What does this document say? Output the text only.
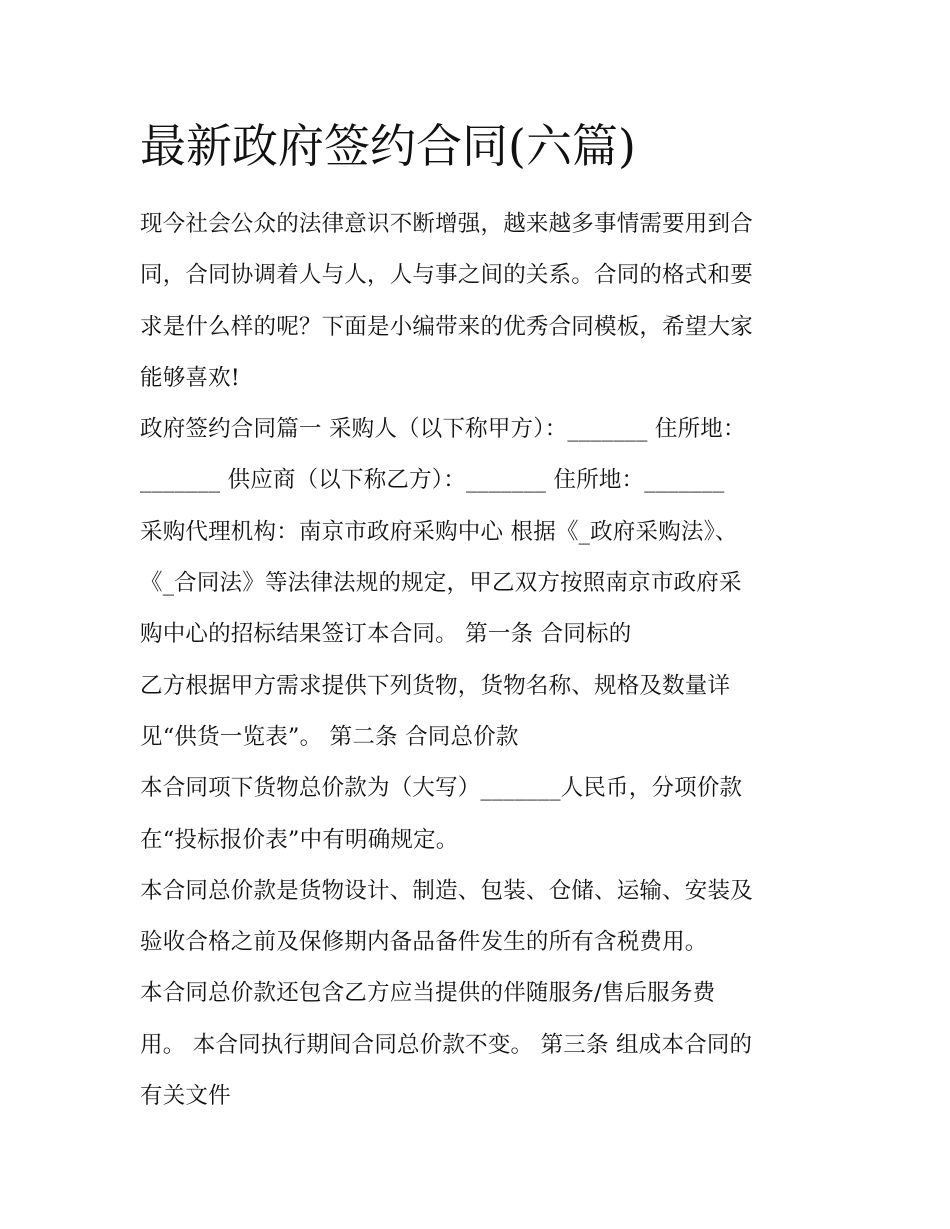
最新政府签约合同(六篇)
现今社会公众的法律意识不断增强，越来越多事情需要用到合
同，合同协调着人与人，人与事之间的关系。合同的格式和要
求是什么样的呢？下面是小编带来的优秀合同模板，希望大家
能够喜欢!
政府签约合同篇一 采购人（以下称甲方）：_______ 住所地：
_______ 供应商（以下称乙方）：_______ 住所地：_______
采购代理机构：南京市政府采购中心 根据《_政府采购法》、
《_合同法》等法律法规的规定，甲乙双方按照南京市政府采
购中心的招标结果签订本合同。 第一条 合同标的
乙方根据甲方需求提供下列货物，货物名称、规格及数量详
见“供货一览表”。 第二条 合同总价款
本合同项下货物总价款为（大写）_______人民币，分项价款
在“投标报价表”中有明确规定。
本合同总价款是货物设计、制造、包装、仓储、运输、安装及
验收合格之前及保修期内备品备件发生的所有含税费用。
本合同总价款还包含乙方应当提供的伴随服务/售后服务费
用。 本合同执行期间合同总价款不变。 第三条 组成本合同的
有关文件
